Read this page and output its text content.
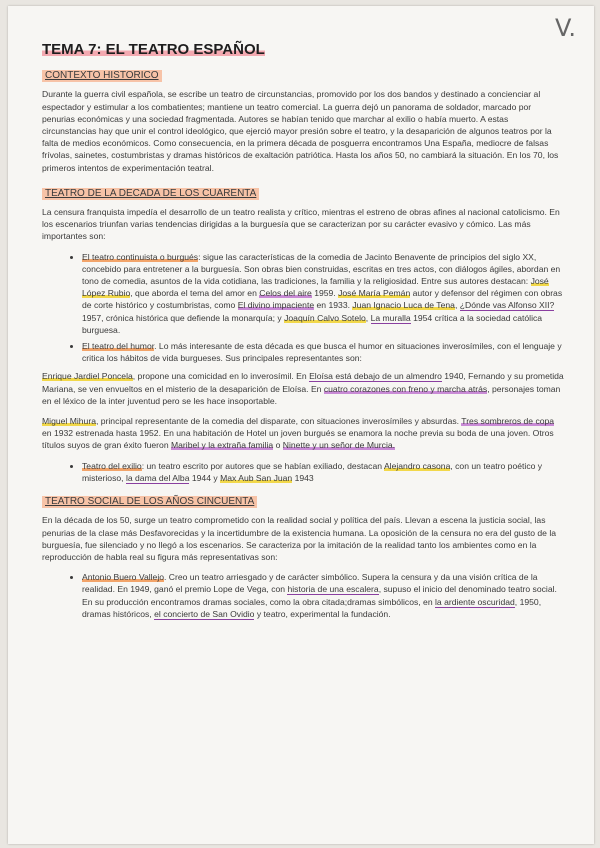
V.
TEMA 7: EL TEATRO ESPAÑOL
CONTEXTO HISTORICO

Durante la guerra civil española, se escribe un teatro de circunstancias, promovido por los dos bandos y destinado a concienciar al espectador y estimular a los combatientes; mantiene un teatro comercial. La guerra dejó un panorama de soldador, marcado por penurias económicas y una sociedad fragmentada. Autores se habían tenido que marchar al exilio o había muerto. A estas circunstancias hay que unir el control ideológico, que ejerció mayor presión sobre el teatro, y la desaparición de algunos teatros por la falta de medios económicos. Como consecuencia, en la primera década de posguerra encontramos Una España, mediocre de falsas frívolas, sainetes, costumbristas y dramas históricos de exaltación patriótica. Hasta los años 50, no cambiará la situación. En los 70, los primeros intentos de experimentación teatral.

TEATRO DE LA DECADA DE LOS CUARENTA

La censura franquista impedía el desarrollo de un teatro realista y crítico, mientras el estreno de obras afines al nacional catolicismo. En los escenarios triunfan varias tendencias dirigidas a la burguesía que se caracterizan por su carácter evasivo y cómico. Las más importantes son:

• El teatro continuista o burgués: sigue las características de la comedia de Jacinto Benavente de principios del siglo XX, concebido para entretener a la burguesía. Son obras bien construidas, escritas en tres actos, con diálogos ágiles, abordan en tono de comedia, asuntos de la vida cotidiana, las tradiciones, la familia y la religiosidad. Entre sus autores destacan: José López Rubio, que aborda el tema del amor en Celos del aire 1959. José María Pemán autor y defensor del régimen con obras de corte histórico y costumbristas, como El divino impaciente en 1933. Juan Ignacio Luca de Tena, ¿Dónde vas Alfonso XII? 1957, crónica histórica que defiende la monarquía; y Joaquín Calvo Sotelo, La muralla 1954 crítica a la sociedad católica burguesa.
• El teatro del humor. Lo más interesante de esta década es que busca el humor en situaciones inverosímiles, con el lenguaje y critica los hábitos de vida burgueses. Sus principales representantes son:

Enrique Jardiel Poncela, propone una comicidad en lo inverosímil. En Eloísa está debajo de un almendro 1940, Fernando y su prometida Mariana, se ven envueltos en el misterio de la desaparición de Eloísa. En cuatro corazones con freno y marcha atrás, personajes toman en el léxico de la inter juventud pero se les hace insoportable.

Miguel Mihura, principal representante de la comedia del disparate, con situaciones inverosímiles y absurdas. Tres sombreros de copa en 1932 estrenada hasta 1952. En una habitación de Hotel un joven burgués se enamora la noche previa su boda de una joven. Otros títulos suyos de gran éxito fueron Maribel y la extraña familia o Ninette y un señor de Murcia.

• Teatro del exilio: un teatro escrito por autores que se habían exiliado, destacan Alejandro casona, con un teatro poético y misterioso, la dama del Alba 1944 y Max Aub San Juan 1943
TEATRO SOCIAL DE LOS AÑOS CINCUENTA

En la década de los 50, surge un teatro comprometido con la realidad social y política del país. Llevan a escena la justicia social, las penurias de la clase más Desfavorecidas y la incertidumbre de la existencia humana. La oposición de la censura no era del gusto de la burguesía, fue silenciado y no llegó a los escenarios. Se caracteriza por la imitación de la realidad tanto los ambientes como en la reproducción de habla real su figura más representativas son:

• Antonio Buero Vallejo. Creo un teatro arriesgado y de carácter simbólico. Supera la censura y da una visión crítica de la realidad. En 1949, ganó el premio Lope de Vega, con historia de una escalera, supuso el inicio del denominado teatro social. En su producción encontramos dramas sociales, como la obra citada;dramas simbólicos, en la ardiente oscuridad, 1950, dramas históricos, el concierto de San Ovidio y teatro, experimental la fundación.
